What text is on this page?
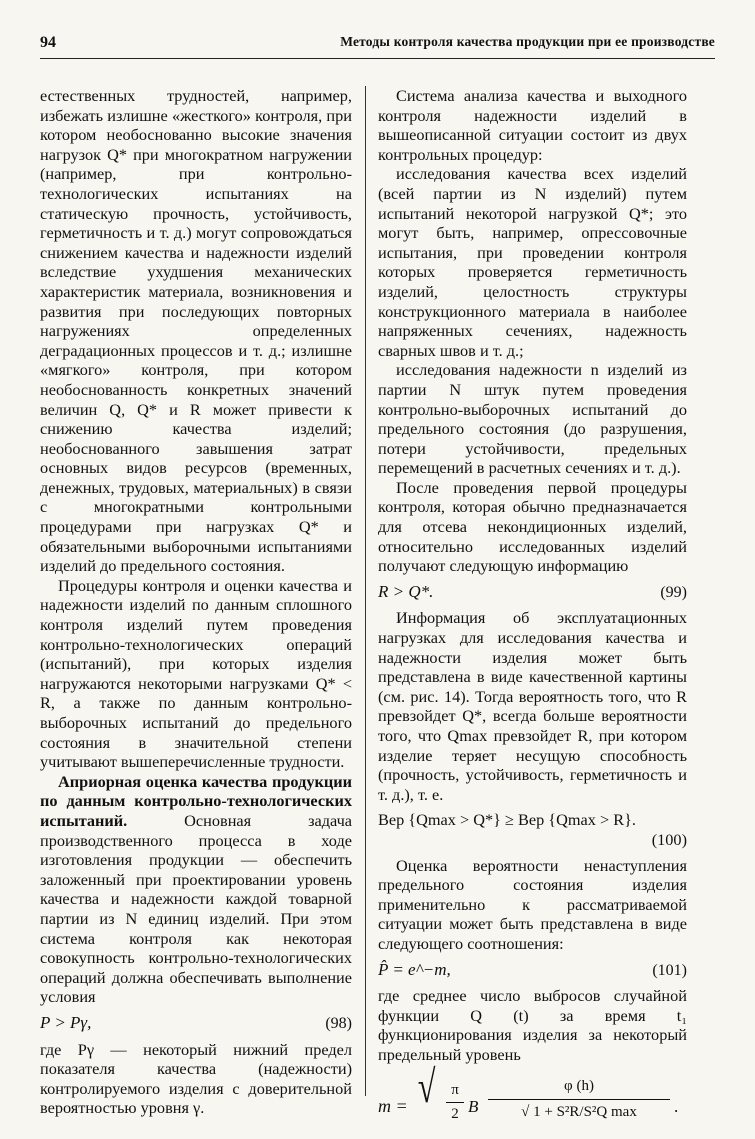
94	Методы контроля качества продукции при ее производстве

естественных трудностей, например, избежать излишне «жесткого» контроля, при котором необоснованно высокие значения нагрузок Q* при многократном нагружении (например, при контрольно-технологических испытаниях на статическую прочность, устойчивость, герметичность и т. д.) могут сопровождаться снижением качества и надежности изделий вследствие ухудшения механических характеристик материала, возникновения и развития при последующих повторных нагружениях определенных деградационных процессов и т. д.; излишне «мягкого» контроля, при котором необоснованность конкретных значений величин Q, Q* и R может привести к снижению качества изделий; необоснованного завышения затрат основных видов ресурсов (временных, денежных, трудовых, материальных) в связи с многократными контрольными процедурами при нагрузках Q* и обязательными выборочными испытаниями изделий до предельного состояния.

Процедуры контроля и оценки качества и надежности изделий по данным сплошного контроля изделий путем проведения контрольно-технологических операций (испытаний), при которых изделия нагружаются некоторыми нагрузками Q* < R, а также по данным контрольно-выборочных испытаний до предельного состояния в значительной степени учитывают вышеперечисленные трудности.

Априорная оценка качества продукции по данным контрольно-технологических испытаний. Основная задача производственного процесса в ходе изготовления продукции — обеспечить заложенный при проектировании уровень качества и надежности каждой товарной партии из N единиц изделий. При этом система контроля как некоторая совокупность контрольно-технологических операций должна обеспечивать выполнение условия

P > Pγ,	(98)

где Pγ — некоторый нижний предел показателя качества (надежности) контролируемого изделия с доверительной вероятностью уровня γ.

Система анализа качества и выходного контроля надежности изделий в вышеописанной ситуации состоит из двух контрольных процедур:

исследования качества всех изделий (всей партии из N изделий) путем испытаний некоторой нагрузкой Q*; это могут быть, например, опрессовочные испытания, при проведении контроля которых проверяется герметичность изделий, целостность структуры конструкционного материала в наиболее напряженных сечениях, надежность сварных швов и т. д.;

исследования надежности n изделий из партии N штук путем проведения контрольно-выборочных испытаний до предельного состояния (до разрушения, потери устойчивости, предельных перемещений в расчетных сечениях и т. д.).

После проведения первой процедуры контроля, которая обычно предназначается для отсева некондиционных изделий, относительно исследованных изделий получают следующую информацию

R > Q*.	(99)

Информация об эксплуатационных нагрузках для исследования качества и надежности изделия может быть представлена в виде качественной картины (см. рис. 14). Тогда вероятность того, что R превзойдет Q*, всегда больше вероятности того, что Qmax превзойдет R, при котором изделие теряет несущую способность (прочность, устойчивость, герметичность и т. д.), т. е.

Вер {Qmax > Q*} ≥ Вер {Qmax > R}.
(100)

Оценка вероятности ненаступления предельного состояния изделия применительно к рассматриваемой ситуации может быть представлена в виде следующего соотношения:

P̂ = e^−m,	(101)

где среднее число выбросов случайной функции Q (t) за время t₁ функционирования изделия за некоторый предельный уровень

m = √	π
2 B
φ (h)
√ 1 + S²R/S²Q max	.
